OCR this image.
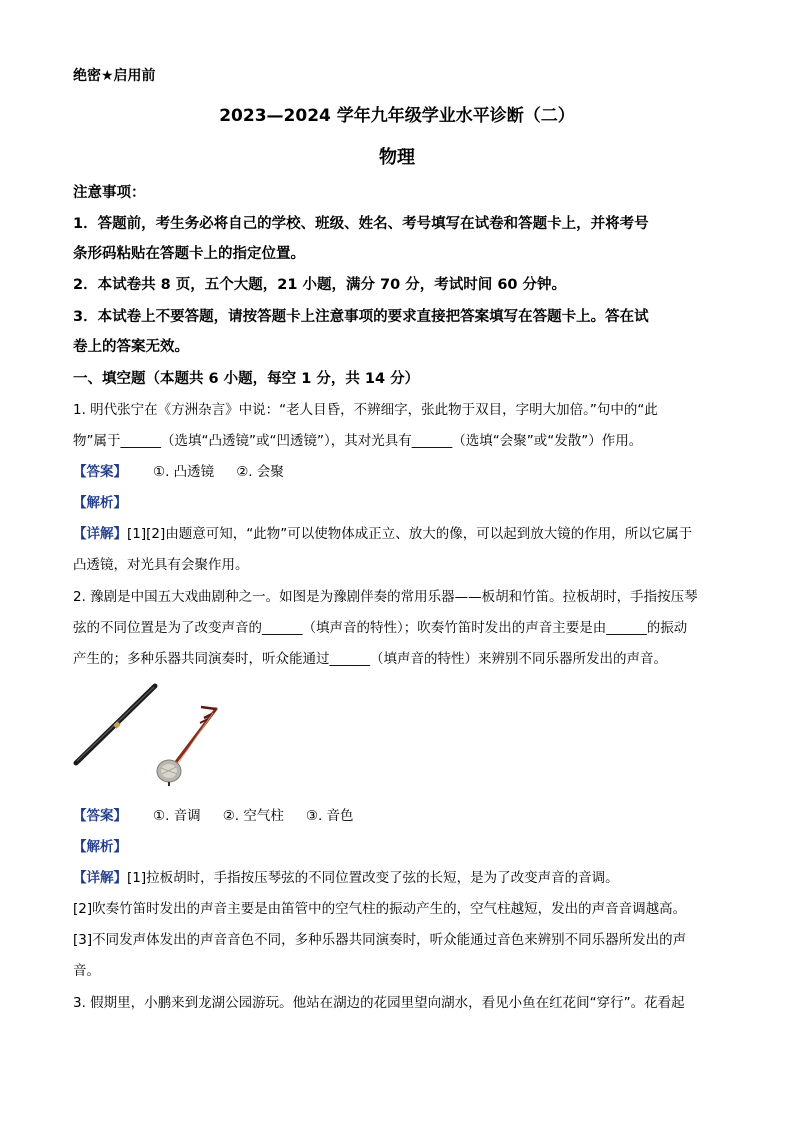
绝密★启用前
2023—2024 学年九年级学业水平诊断（二）
物理
注意事项：
1．答题前，考生务必将自己的学校、班级、姓名、考号填写在试卷和答题卡上，并将考号
条形码粘贴在答题卡上的指定位置。
2．本试卷共 8 页，五个大题，21 小题，满分 70 分，考试时间 60 分钟。
3．本试卷上不要答题，请按答题卡上注意事项的要求直接把答案填写在答题卡上。答在试
卷上的答案无效。
一、填空题（本题共 6 小题，每空 1 分，共 14 分）
1. 明代张宁在《方洲杂言》中说：“老人目昏，不辨细字，张此物于双目，字明大加倍。”句中的“此
物”属于______（选填“凸透镜”或“凹透镜”），其对光具有______（选填“会聚”或“发散”）作用。
【答案】 ①. 凸透镜 ②. 会聚
【解析】
【详解】[1][2]由题意可知，“此物”可以使物体成正立、放大的像，可以起到放大镜的作用，所以它属于
凸透镜，对光具有会聚作用。
2. 豫剧是中国五大戏曲剧种之一。如图是为豫剧伴奏的常用乐器——板胡和竹笛。拉板胡时，手指按压琴
弦的不同位置是为了改变声音的______（填声音的特性）；吹奏竹笛时发出的声音主要是由______的振动
产生的；多种乐器共同演奏时，听众能通过______（填声音的特性）来辨别不同乐器所发出的声音。
【答案】 ①. 音调 ②. 空气柱 ③. 音色
【解析】
【详解】[1]拉板胡时，手指按压琴弦的不同位置改变了弦的长短，是为了改变声音的音调。
[2]吹奏竹笛时发出的声音主要是由笛管中的空气柱的振动产生的，空气柱越短，发出的声音音调越高。
[3]不同发声体发出的声音音色不同，多种乐器共同演奏时，听众能通过音色来辨别不同乐器所发出的声
音。
3. 假期里，小鹏来到龙湖公园游玩。他站在湖边的花园里望向湖水，看见小鱼在红花间“穿行”。花看起
